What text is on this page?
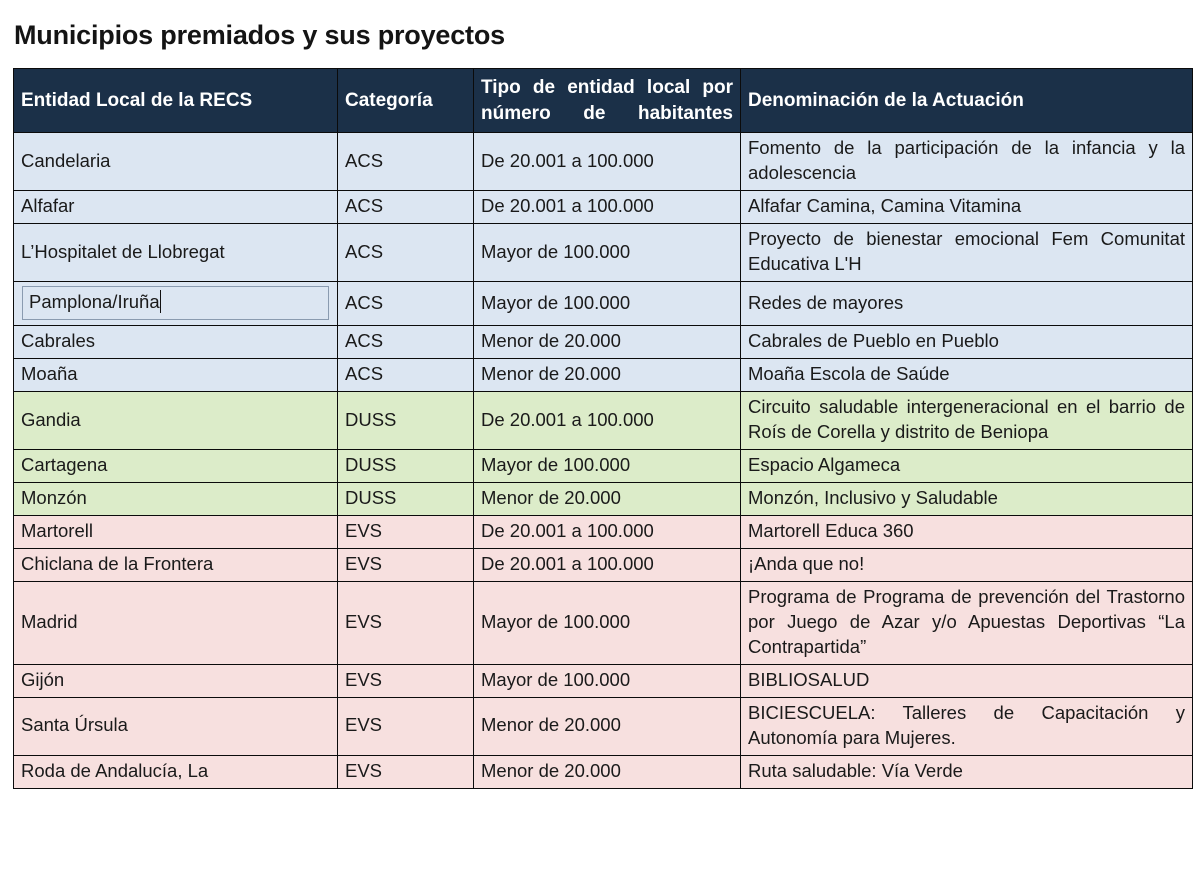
Municipios premiados y sus proyectos
Entidad Local de la RECS	Categoría	Tipo de entidad local por número de habitantes	Denominación de la Actuación
Candelaria	ACS	De 20.001 a 100.000	Fomento de la participación de la infancia y la adolescencia
Alfafar	ACS	De 20.001 a 100.000	Alfafar Camina, Camina Vitamina
L’Hospitalet de Llobregat	ACS	Mayor de 100.000	Proyecto de bienestar emocional Fem Comunitat Educativa L'H

Pamplona/Iruña	ACS	Mayor de 100.000	Redes de mayores
Cabrales	ACS	Menor de 20.000	Cabrales de Pueblo en Pueblo
Moaña	ACS	Menor de 20.000	Moaña Escola de Saúde
Gandia	DUSS	De 20.001 a 100.000	Circuito saludable intergeneracional en el barrio de Roís de Corella y distrito de Beniopa
Cartagena	DUSS	Mayor de 100.000	Espacio Algameca
Monzón	DUSS	Menor de 20.000	Monzón, Inclusivo y Saludable
Martorell	EVS	De 20.001 a 100.000	Martorell Educa 360
Chiclana de la Frontera	EVS	De 20.001 a 100.000	¡Anda que no!
Madrid	EVS	Mayor de 100.000	Programa de Programa de prevención del Trastorno por Juego de Azar y/o Apuestas Deportivas “La Contrapartida”
Gijón	EVS	Mayor de 100.000	BIBLIOSALUD
Santa Úrsula	EVS	Menor de 20.000	BICIESCUELA: Talleres de Capacitación y Autonomía para Mujeres.
Roda de Andalucía, La	EVS	Menor de 20.000	Ruta saludable: Vía Verde
